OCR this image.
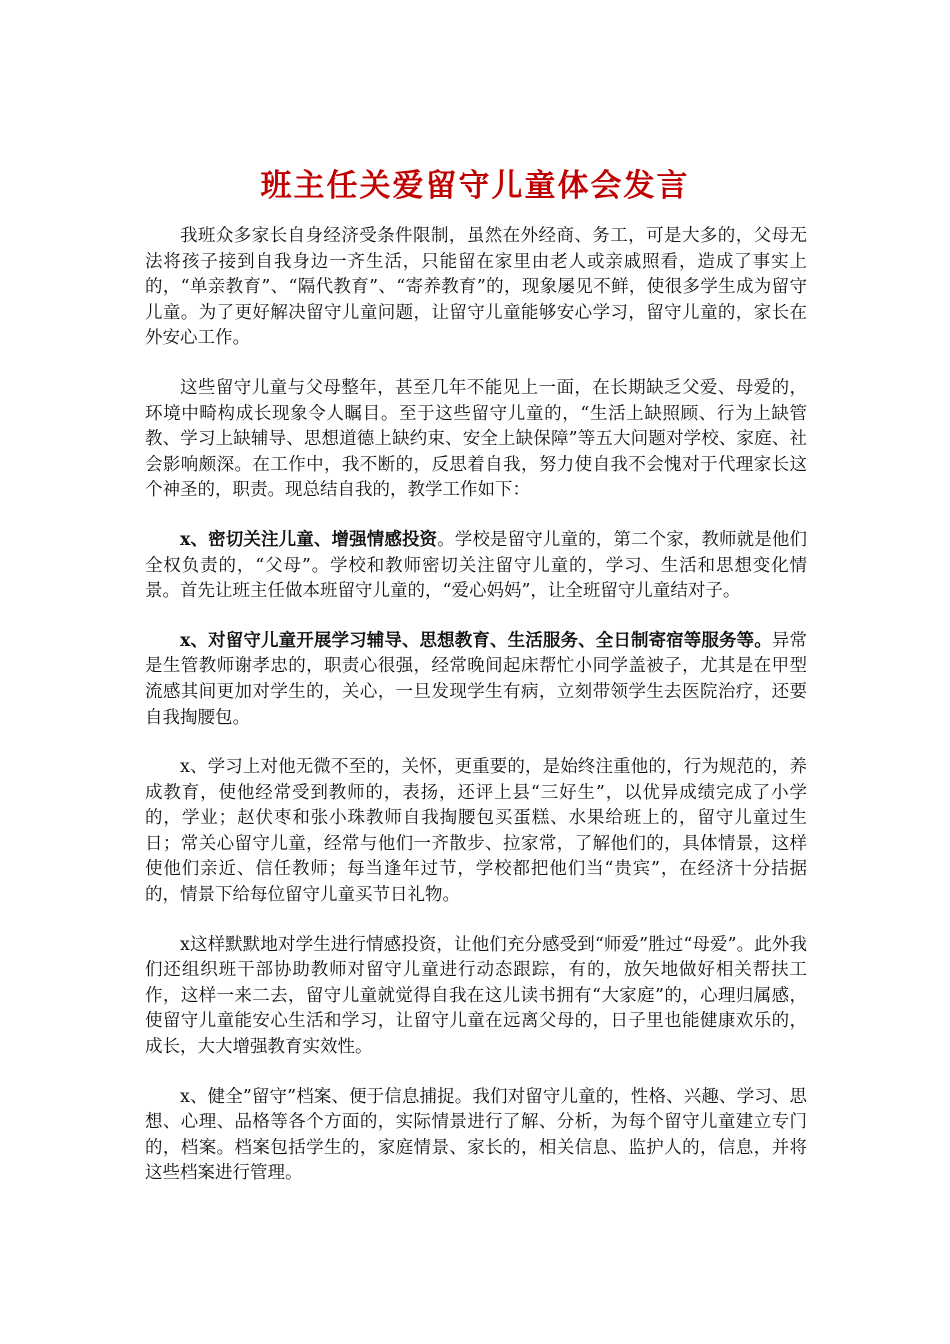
班主任关爱留守儿童体会发言

我班众多家长自身经济受条件限制，虽然在外经商、务工，可是大多的，父母无法将孩子接到自我身边一齐生活，只能留在家里由老人或亲戚照看，造成了事实上的，“单亲教育”、“隔代教育”、“寄养教育”的，现象屡见不鲜，使很多学生成为留守儿童。为了更好解决留守儿童问题，让留守儿童能够安心学习，留守儿童的，家长在外安心工作。

这些留守儿童与父母整年，甚至几年不能见上一面，在长期缺乏父爱、母爱的，环境中畸构成长现象令人瞩目。至于这些留守儿童的，“生活上缺照顾、行为上缺管教、学习上缺辅导、思想道德上缺约束、安全上缺保障”等五大问题对学校、家庭、社会影响颇深。在工作中，我不断的，反思着自我，努力使自我不会愧对于代理家长这个神圣的，职责。现总结自我的，教学工作如下：

x、密切关注儿童、增强情感投资。学校是留守儿童的，第二个家，教师就是他们全权负责的，“父母”。学校和教师密切关注留守儿童的，学习、生活和思想变化情景。首先让班主任做本班留守儿童的，“爱心妈妈”，让全班留守儿童结对子。

x、对留守儿童开展学习辅导、思想教育、生活服务、全日制寄宿等服务等。异常是生管教师谢孝忠的，职责心很强，经常晚间起床帮忙小同学盖被子，尤其是在甲型流感其间更加对学生的，关心，一旦发现学生有病，立刻带领学生去医院治疗，还要自我掏腰包。

x、学习上对他无微不至的，关怀，更重要的，是始终注重他的，行为规范的，养成教育，使他经常受到教师的，表扬，还评上县“三好生”，以优异成绩完成了小学的，学业；赵伏枣和张小珠教师自我掏腰包买蛋糕、水果给班上的，留守儿童过生日；常关心留守儿童，经常与他们一齐散步、拉家常，了解他们的，具体情景，这样使他们亲近、信任教师；每当逢年过节，学校都把他们当“贵宾”，在经济十分拮据的，情景下给每位留守儿童买节日礼物。

x这样默默地对学生进行情感投资，让他们充分感受到“师爱”胜过“母爱”。此外我们还组织班干部协助教师对留守儿童进行动态跟踪，有的，放矢地做好相关帮扶工作，这样一来二去，留守儿童就觉得自我在这儿读书拥有“大家庭”的，心理归属感，使留守儿童能安心生活和学习，让留守儿童在远离父母的，日子里也能健康欢乐的，成长，大大增强教育实效性。

x、健全”留守”档案、便于信息捕捉。我们对留守儿童的，性格、兴趣、学习、思想、心理、品格等各个方面的，实际情景进行了解、分析，为每个留守儿童建立专门的，档案。档案包括学生的，家庭情景、家长的，相关信息、监护人的，信息，并将这些档案进行管理。
